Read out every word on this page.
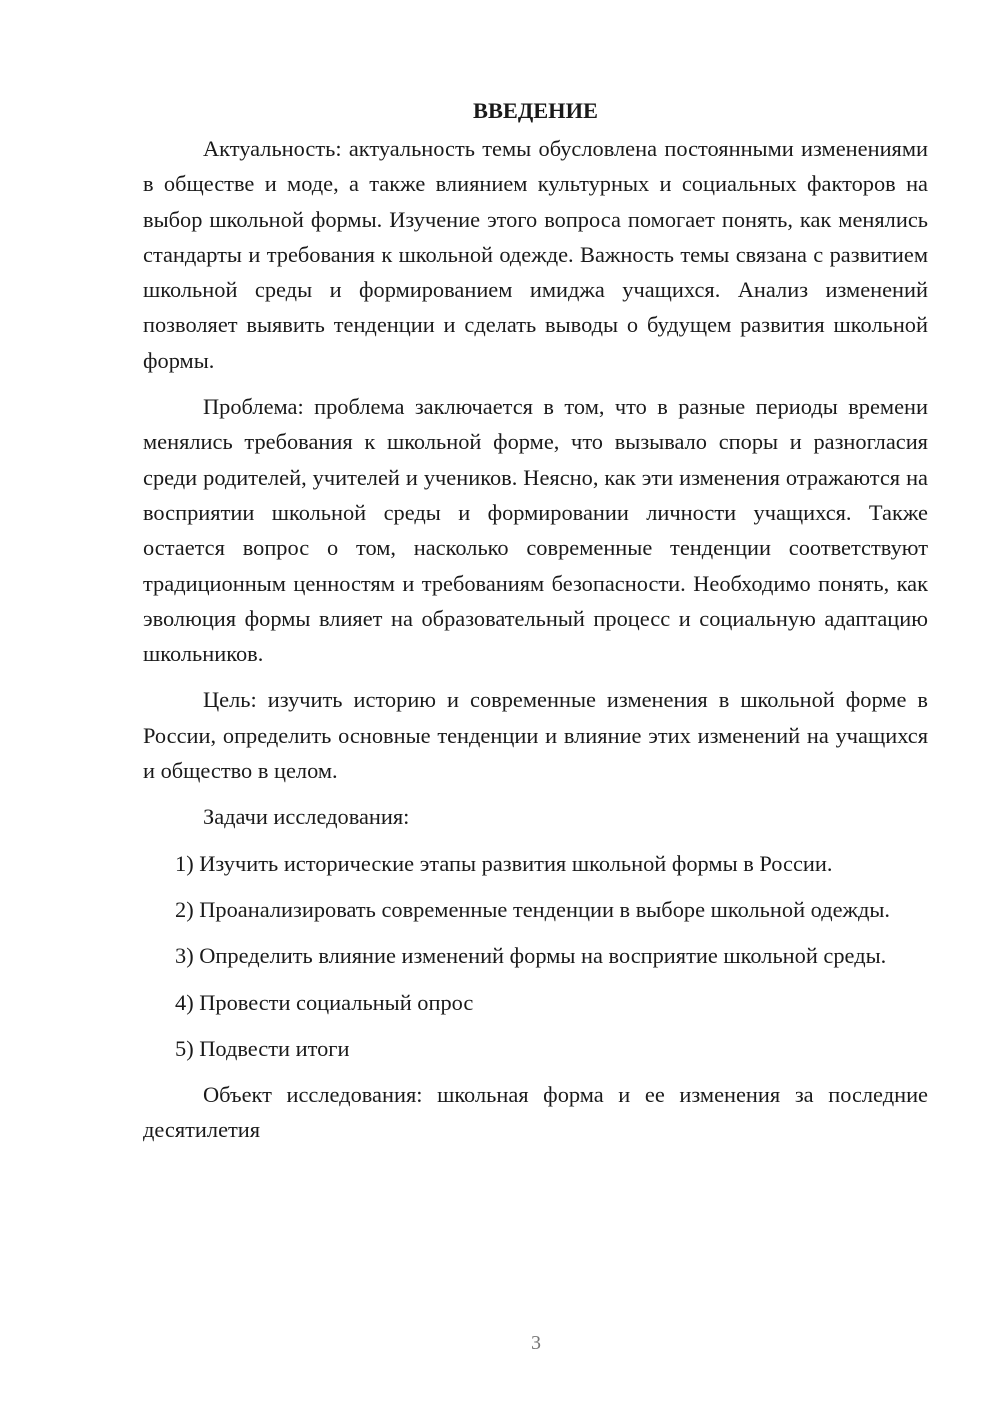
ВВЕДЕНИЕ

Актуальность: актуальность темы обусловлена постоянными изменениями в обществе и моде, а также влиянием культурных и социальных факторов на выбор школьной формы. Изучение этого вопроса помогает понять, как менялись стандарты и требования к школьной одежде. Важность темы связана с развитием школьной среды и формированием имиджа учащихся. Анализ изменений позволяет выявить тенденции и сделать выводы о будущем развития школьной формы.

Проблема: проблема заключается в том, что в разные периоды времени менялись требования к школьной форме, что вызывало споры и разногласия среди родителей, учителей и учеников. Неясно, как эти изменения отражаются на восприятии школьной среды и формировании личности учащихся. Также остается вопрос о том, насколько современные тенденции соответствуют традиционным ценностям и требованиям безопасности. Необходимо понять, как эволюция формы влияет на образовательный процесс и социальную адаптацию школьников.

Цель: изучить историю и современные изменения в школьной форме в России, определить основные тенденции и влияние этих изменений на учащихся и общество в целом.

Задачи исследования:

1) Изучить исторические этапы развития школьной формы в России.

2) Проанализировать современные тенденции в выборе школьной одежды.

3) Определить влияние изменений формы на восприятие школьной среды.

4) Провести социальный опрос

5) Подвести итоги

Объект исследования: школьная форма и ее изменения за последние десятилетия

3
